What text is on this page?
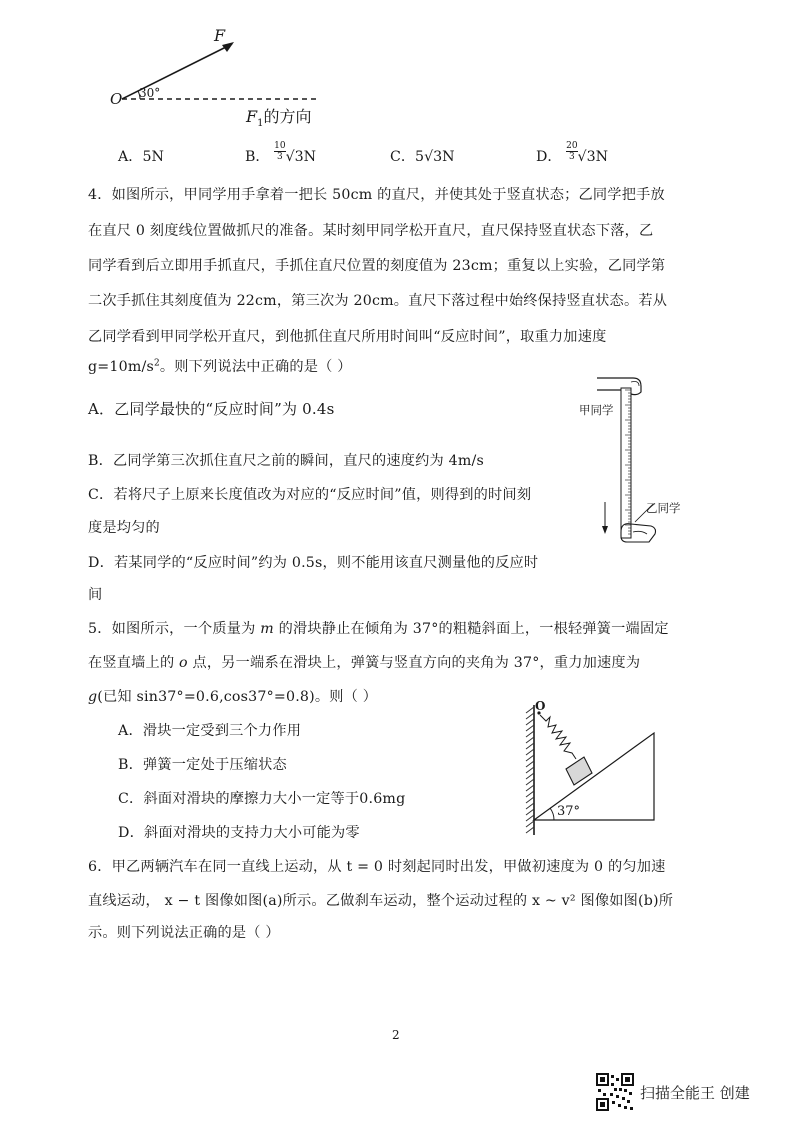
F
O 30°
$F_1$的方向
A．5N	B． $\frac{10}{3} √3N$	C．5√3N	D． $\frac{20}{3} √3N$
4．如图所示，甲同学用手拿着一把长 50cm 的直尺，并使其处于竖直状态；乙同学把手放
在直尺 0 刻度线位置做抓尺的准备。某时刻甲同学松开直尺，直尺保持竖直状态下落，乙
同学看到后立即用手抓直尺，手抓住直尺位置的刻度值为 23cm；重复以上实验，乙同学第
二次手抓住其刻度值为 22cm，第三次为 20cm。直尺下落过程中始终保持竖直状态。若从
乙同学看到甲同学松开直尺，到他抓住直尺所用时间叫“反应时间”，取重力加速度
$g=10m/s^2$。则下列说法中正确的是（ ）
A．乙同学最快的“反应时间”为 0.4s
B．乙同学第三次抓住直尺之前的瞬间，直尺的速度约为 4m/s
C．若将尺子上原来长度值改为对应的“反应时间”值，则得到的时间刻
度是均匀的
D．若某同学的“反应时间”约为 0.5s，则不能用该直尺测量他的反应时
间
甲同学
乙同学
5．如图所示，一个质量为 m 的滑块静止在倾角为 37°的粗糙斜面上，一根轻弹簧一端固定
在竖直墙上的 o 点，另一端系在滑块上，弹簧与竖直方向的夹角为 37°，重力加速度为
g(已知 sin37°=0.6,cos37°=0.8)。则（ ）
A．滑块一定受到三个力作用
B．弹簧一定处于压缩状态
C．斜面对滑块的摩擦力大小一定等于0.6mg
D．斜面对滑块的支持力大小可能为零
O
37°
6．甲乙两辆汽车在同一直线上运动，从 t = 0 时刻起同时出发，甲做初速度为 0 的匀加速
直线运动， x − t 图像如图(a)所示。乙做刹车运动，整个运动过程的 x ~ v² 图像如图(b)所
示。则下列说法正确的是（ ）
2
扫描全能王 创建
